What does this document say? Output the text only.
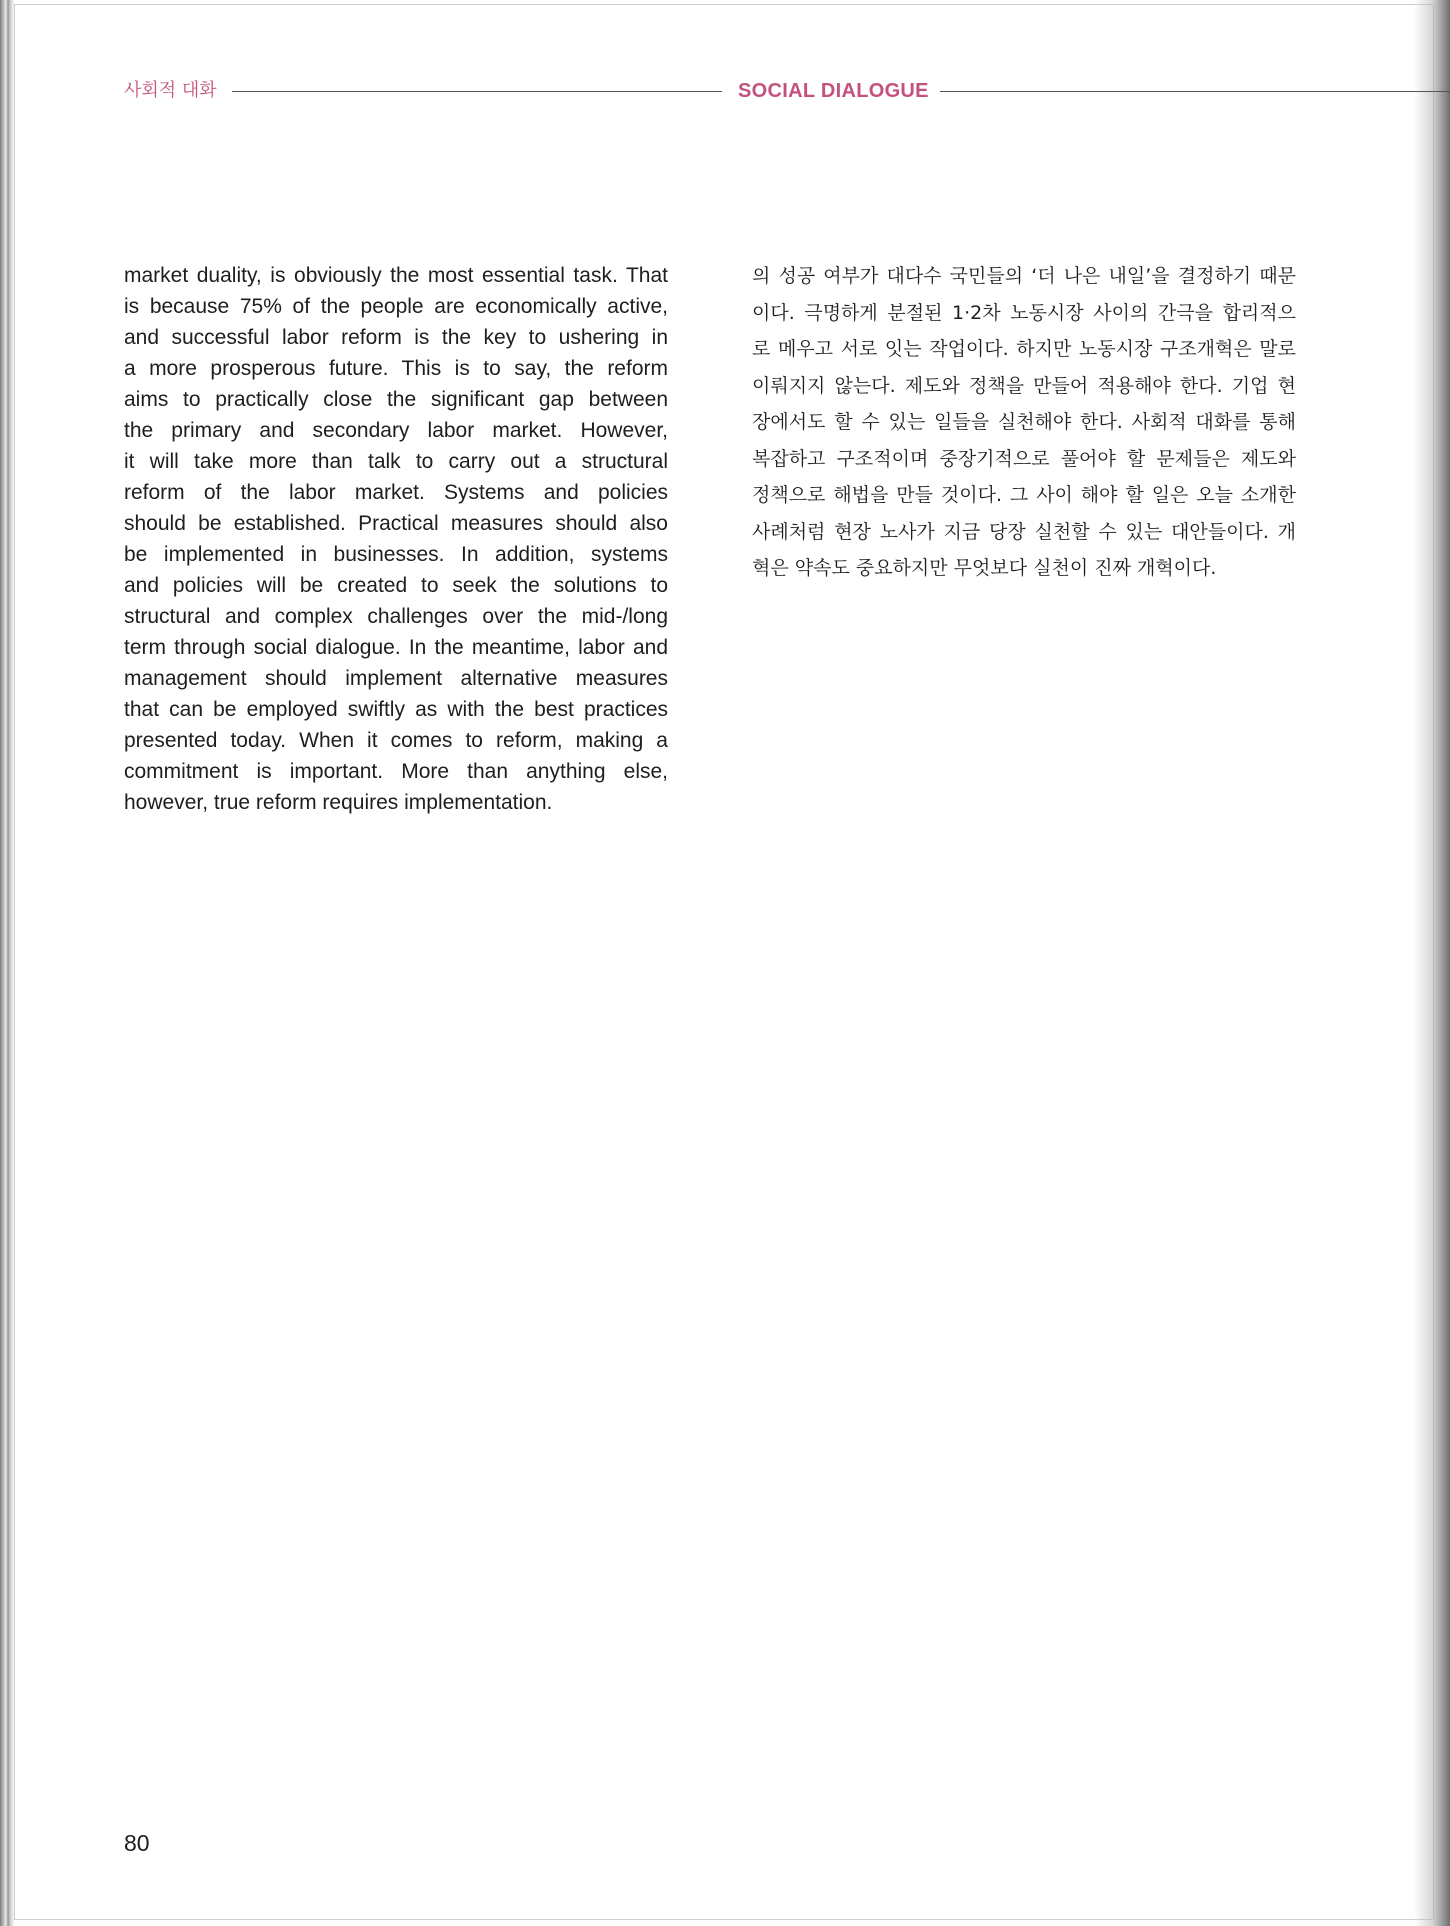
사회적 대화	SOCIAL DIALOGUE
market duality, is obviously the most essential task. That
is because 75% of the people are economically active,
and successful labor reform is the key to ushering in
a more prosperous future. This is to say, the reform
aims to practically close the significant gap between
the primary and secondary labor market. However,
it will take more than talk to carry out a structural
reform of the labor market. Systems and policies
should be established. Practical measures should also
be implemented in businesses. In addition, systems
and policies will be created to seek the solutions to
structural and complex challenges over the mid-/long
term through social dialogue. In the meantime, labor and
management should implement alternative measures
that can be employed swiftly as with the best practices
presented today. When it comes to reform, making a
commitment is important. More than anything else,
however, true reform requires implementation.
의 성공 여부가 대다수 국민들의 ‘더 나은 내일’을 결정하기 때문
이다. 극명하게 분절된 1·2차 노동시장 사이의 간극을 합리적으
로 메우고 서로 잇는 작업이다. 하지만 노동시장 구조개혁은 말로
이뤄지지 않는다. 제도와 정책을 만들어 적용해야 한다. 기업 현
장에서도 할 수 있는 일들을 실천해야 한다. 사회적 대화를 통해
복잡하고 구조적이며 중장기적으로 풀어야 할 문제들은 제도와
정책으로 해법을 만들 것이다. 그 사이 해야 할 일은 오늘 소개한
사례처럼 현장 노사가 지금 당장 실천할 수 있는 대안들이다. 개
혁은 약속도 중요하지만 무엇보다 실천이 진짜 개혁이다.
80
